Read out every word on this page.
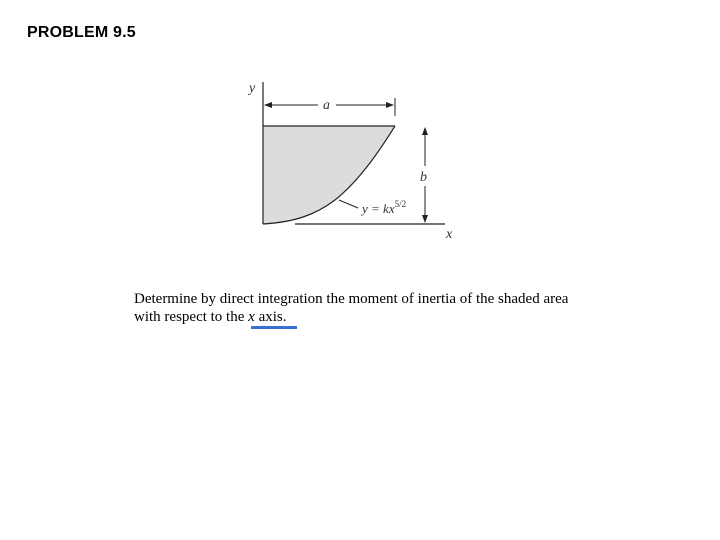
PROBLEM 9.5
y
x
a
b
$y = kx^{5/2}$
Determine by direct integration the moment of inertia of the shaded area
with respect to the x axis.
